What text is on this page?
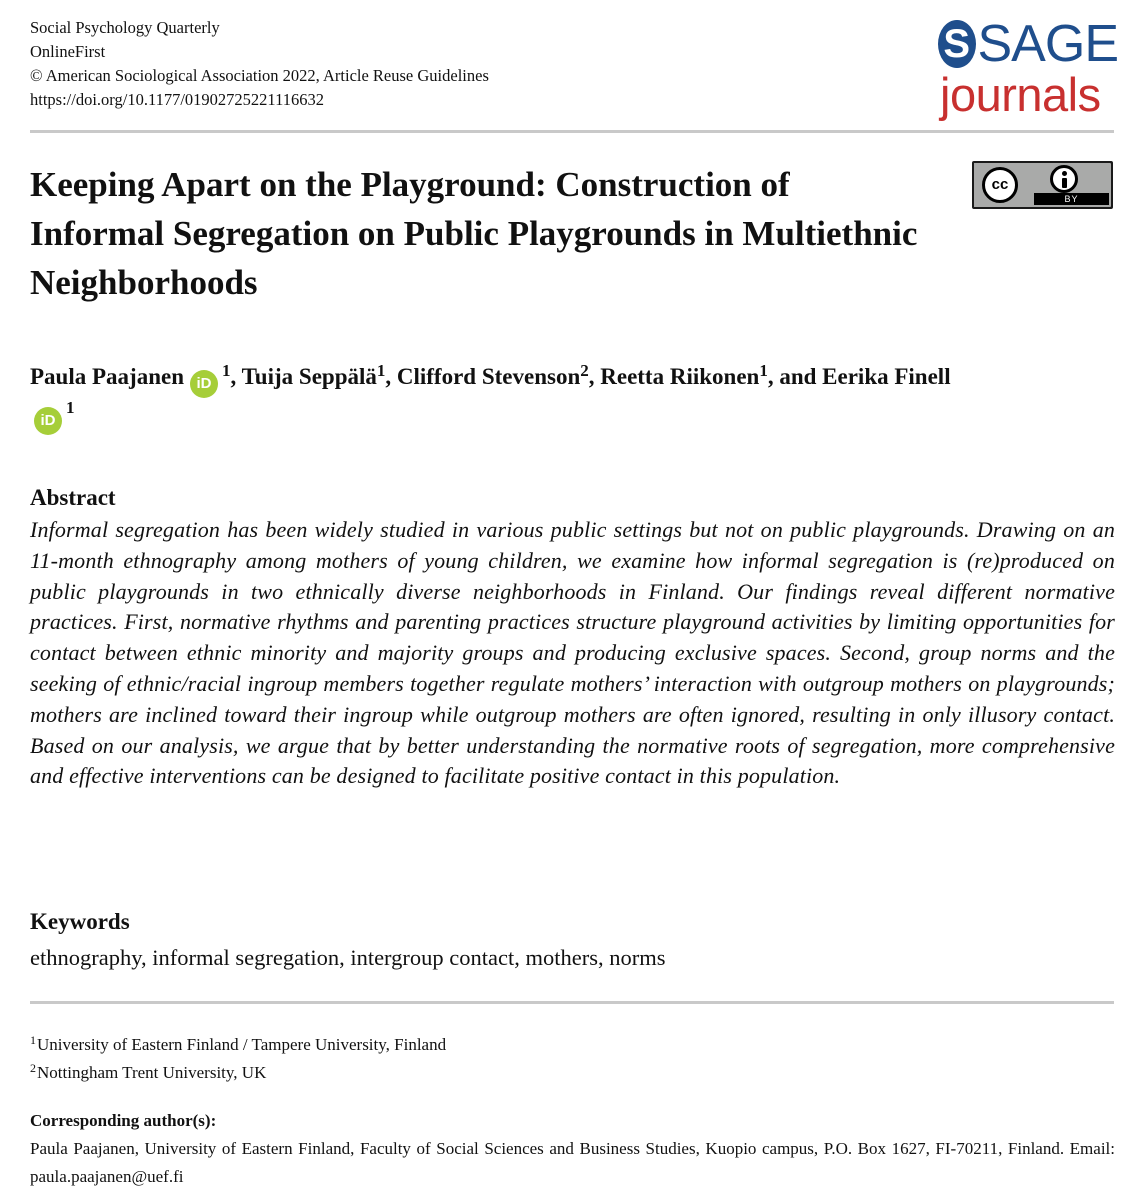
Social Psychology Quarterly
OnlineFirst
© American Sociological Association 2022, Article Reuse Guidelines
https://doi.org/10.1177/01902725221116632
S SAGE
journals
Keeping Apart on the Playground: Construction of Informal Segregation on Public Playgrounds in Multiethnic Neighborhoods
cc
BY
Paula Paajanen $iD^1$, Tuija Seppälä$^1$, Clifford Stevenson$^2$, Reetta Riikonen$^1$, and Eerika Finell
$iD^1$
Abstract

Informal segregation has been widely studied in various public settings but not on public playgrounds. Drawing on an 11-month ethnography among mothers of young children, we examine how informal segregation is (re)produced on public playgrounds in two ethnically diverse neighborhoods in Finland. Our findings reveal different normative practices. First, normative rhythms and parenting practices structure playground activities by limiting opportunities for contact between ethnic minority and majority groups and producing exclusive spaces. Second, group norms and the seeking of ethnic/racial ingroup members together regulate mothers’ interaction with outgroup mothers on playgrounds; mothers are inclined toward their ingroup while outgroup mothers are often ignored, resulting in only illusory contact. Based on our analysis, we argue that by better understanding the normative roots of segregation, more comprehensive and effective interventions can be designed to facilitate positive contact in this population.

Keywords
ethnography, informal segregation, intergroup contact, mothers, norms
$^1$University of Eastern Finland / Tampere University, Finland
$^2$Nottingham Trent University, UK
Corresponding author(s):
Paula Paajanen, University of Eastern Finland, Faculty of Social Sciences and Business Studies, Kuopio campus, P.O. Box 1627, FI-70211, Finland. Email: paula.paajanen@uef.fi
